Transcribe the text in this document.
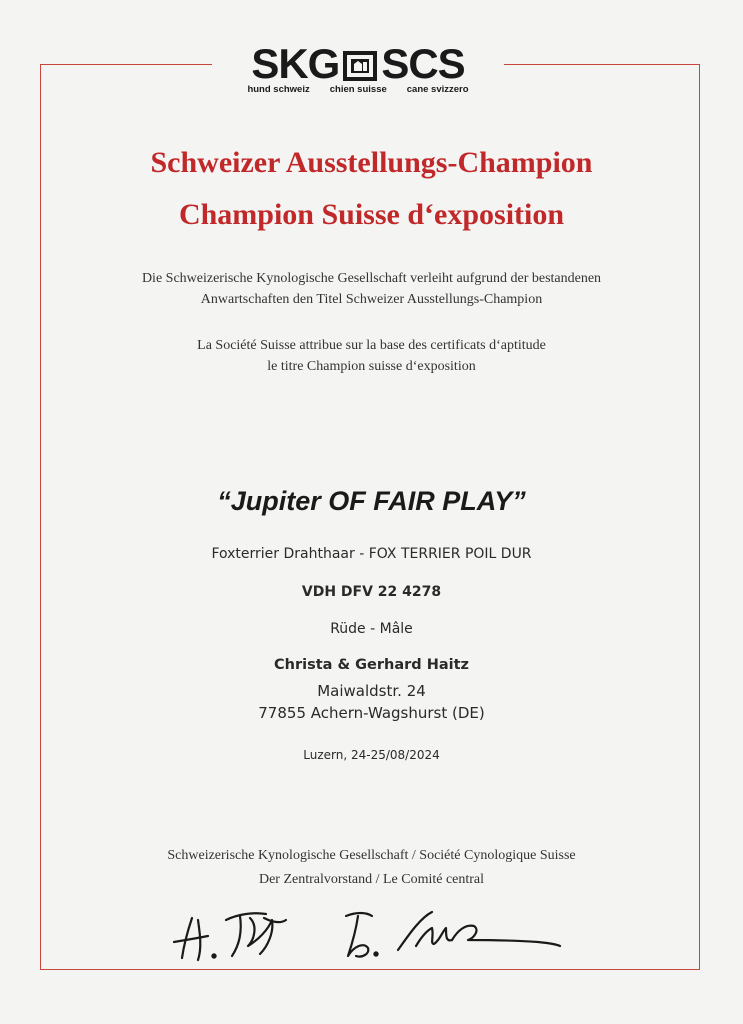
SKG SCS
hund schweiz chien suisse cane svizzero
Schweizer Ausstellungs-Champion
Champion Suisse d‘exposition
Die Schweizerische Kynologische Gesellschaft verleiht aufgrund der bestandenen
Anwartschaften den Titel Schweizer Ausstellungs-Champion
La Société Suisse attribue sur la base des certificats d‘aptitude
le titre Champion suisse d‘exposition
“Jupiter OF FAIR PLAY”
Foxterrier Drahthaar - FOX TERRIER POIL DUR
VDH DFV 22 4278
Rüde - Mâle
Christa & Gerhard Haitz
Maiwaldstr. 24
77855 Achern-Wagshurst (DE)
Luzern, 24-25/08/2024
Schweizerische Kynologische Gesellschaft / Société Cynologique Suisse
Der Zentralvorstand / Le Comité central
